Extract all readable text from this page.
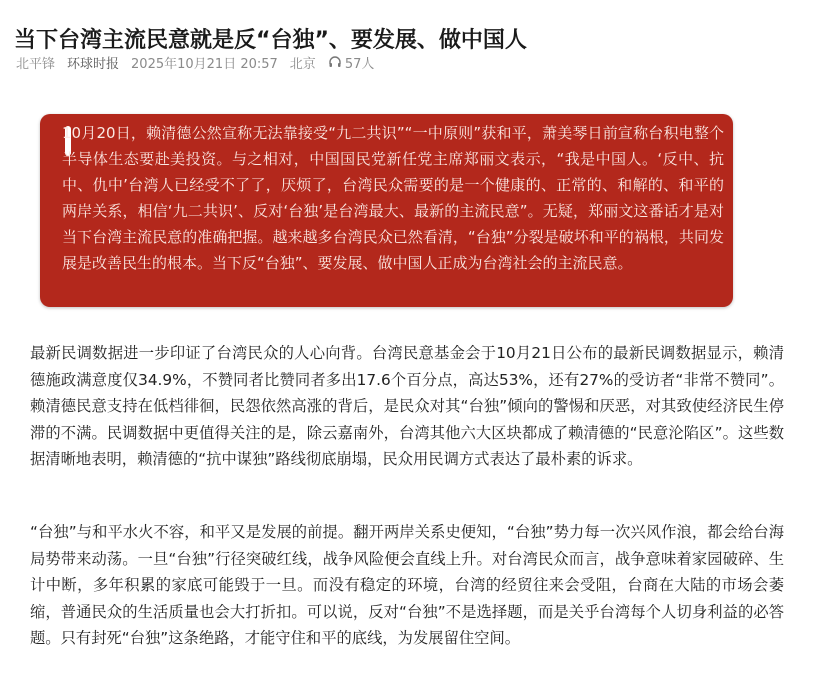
当下台湾主流民意就是反“台独”、要发展、做中国人
北平锋 环球时报 2025年10月21日 20:57 北京 57人

10月20日，赖清德公然宣称无法靠接受“九二共识”“一中原则”获和平，萧美琴日前宣称台积电整个半导体生态要赴美投资。与之相对，中国国民党新任党主席郑丽文表示，“我是中国人。‘反中、抗中、仇中’台湾人已经受不了了，厌烦了，台湾民众需要的是一个健康的、正常的、和解的、和平的两岸关系，相信‘九二共识’、反对‘台独’是台湾最大、最新的主流民意”。无疑，郑丽文这番话才是对当下台湾主流民意的准确把握。越来越多台湾民众已然看清，“台独”分裂是破坏和平的祸根，共同发展是改善民生的根本。当下反“台独”、要发展、做中国人正成为台湾社会的主流民意。

最新民调数据进一步印证了台湾民众的人心向背。台湾民意基金会于10月21日公布的最新民调数据显示，赖清德施政满意度仅34.9%，不赞同者比赞同者多出17.6个百分点，高达53%，还有27%的受访者“非常不赞同”。赖清德民意支持在低档徘徊，民怨依然高涨的背后，是民众对其“台独”倾向的警惕和厌恶，对其致使经济民生停滞的不满。民调数据中更值得关注的是，除云嘉南外，台湾其他六大区块都成了赖清德的“民意沦陷区”。这些数据清晰地表明，赖清德的“抗中谋独”路线彻底崩塌，民众用民调方式表达了最朴素的诉求。

“台独”与和平水火不容，和平又是发展的前提。翻开两岸关系史便知，“台独”势力每一次兴风作浪，都会给台海局势带来动荡。一旦“台独”行径突破红线，战争风险便会直线上升。对台湾民众而言，战争意味着家园破碎、生计中断，多年积累的家底可能毁于一旦。而没有稳定的环境，台湾的经贸往来会受阻，台商在大陆的市场会萎缩，普通民众的生活质量也会大打折扣。可以说，反对“台独”不是选择题，而是关乎台湾每个人切身利益的必答题。只有封死“台独”这条绝路，才能守住和平的底线，为发展留住空间。
